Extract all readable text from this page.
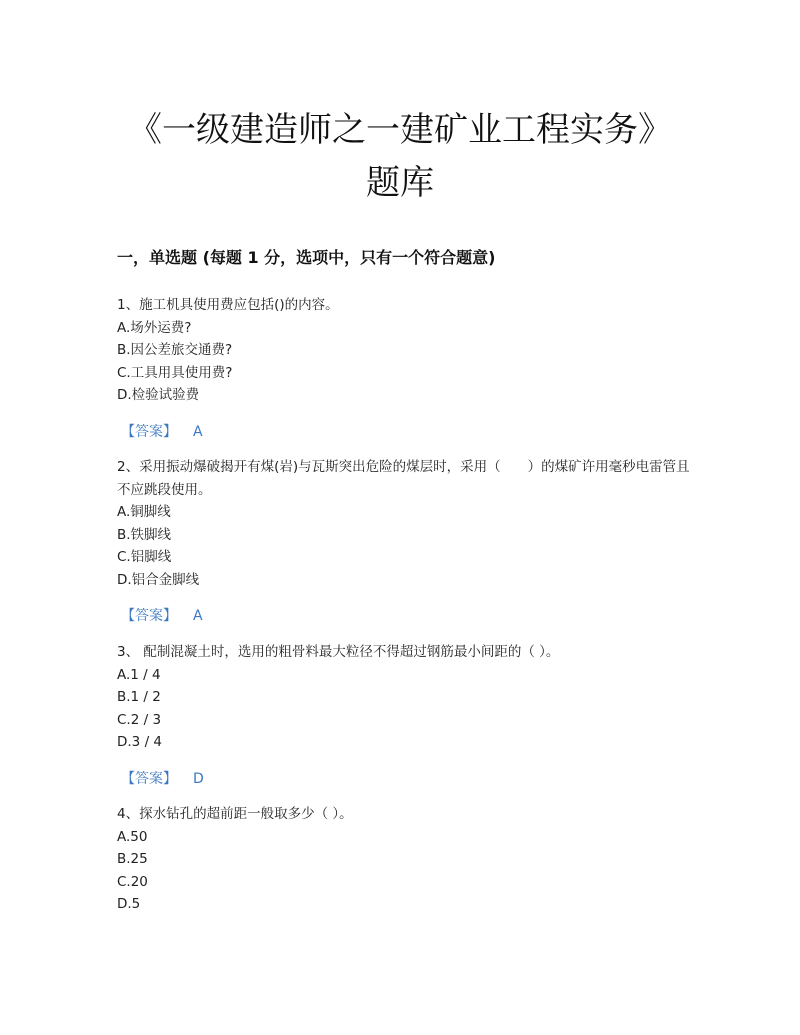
《一级建造师之一建矿业工程实务》
题库
一，单选题 (每题 1 分，选项中，只有一个符合题意)

1、施工机具使用费应包括()的内容。

A.场外运费?

B.因公差旅交通费?

C.工具用具使用费?

D.检验试验费

【答案】 A

2、采用振动爆破揭开有煤(岩)与瓦斯突出危险的煤层时，采用（　　）的煤矿许用毫秒电雷管且不应跳段使用。

A.铜脚线

B.铁脚线

C.铝脚线

D.铝合金脚线

【答案】 A

3、 配制混凝土时，选用的粗骨料最大粒径不得超过钢筋最小间距的（ ）。

A.1 / 4

B.1 / 2

C.2 / 3

D.3 / 4

【答案】 D

4、探水钻孔的超前距一般取多少（ ）。

A.50

B.25

C.20

D.5
